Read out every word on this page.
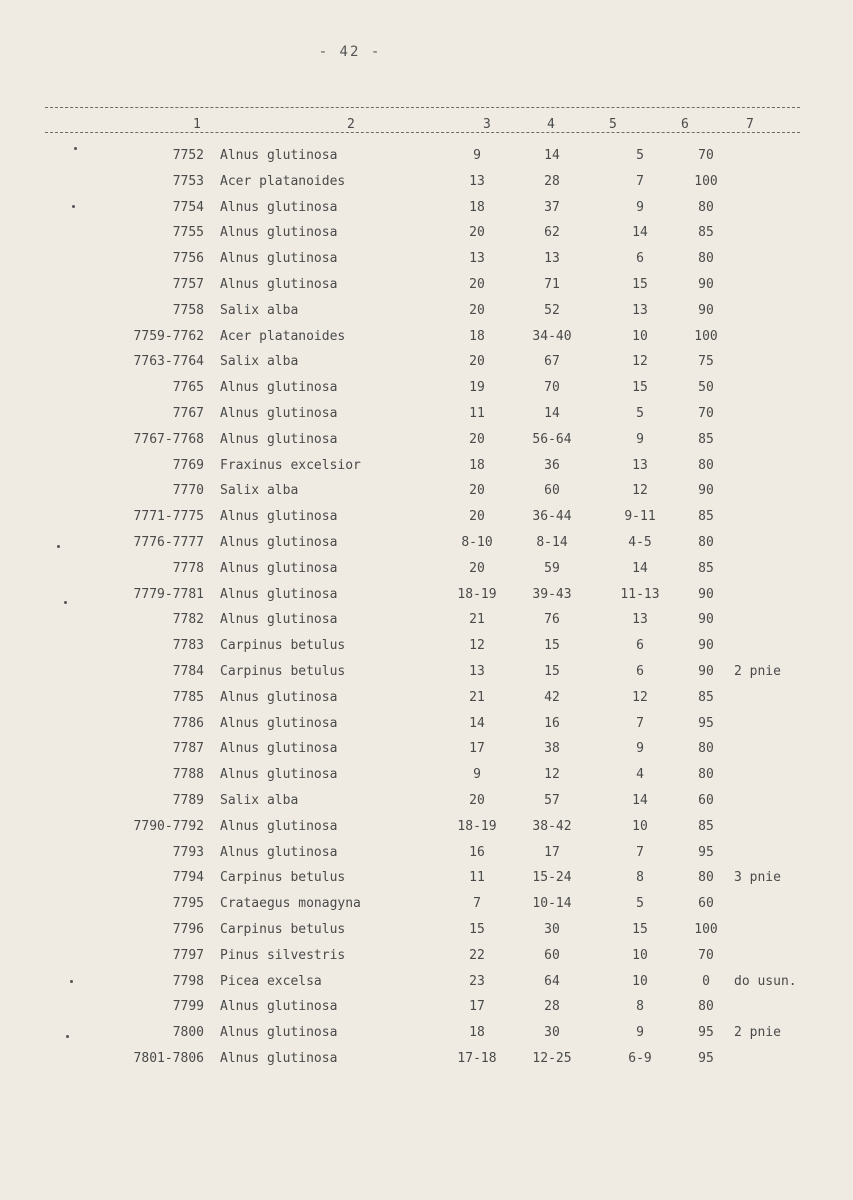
- 42 -
1	2	3	4	5	6	7
7752 Alnus glutinosa	9	14	5	70
7753 Acer platanoides	13	28	7	100
7754 Alnus glutinosa	18	37	9	80
7755 Alnus glutinosa	20	62	14	85
7756 Alnus glutinosa	13	13	6	80
7757 Alnus glutinosa	20	71	15	90
7758 Salix alba	20	52	13	90
7759-7762 Acer platanoides	18	34-40	10	100
7763-7764 Salix alba	20	67	12	75
7765 Alnus glutinosa	19	70	15	50
7767 Alnus glutinosa	11	14	5	70
7767-7768 Alnus glutinosa	20	56-64	9	85
7769 Fraxinus excelsior	18	36	13	80
7770 Salix alba	20	60	12	90
7771-7775 Alnus glutinosa	20	36-44	9-11	85
7776-7777 Alnus glutinosa	8-10	8-14	4-5	80
7778 Alnus glutinosa	20	59	14	85
7779-7781 Alnus glutinosa	18-19	39-43	11-13	90
7782 Alnus glutinosa	21	76	13	90
7783 Carpinus betulus	12	15	6	90
7784 Carpinus betulus	13	15	6	90	2 pnie
7785 Alnus glutinosa	21	42	12	85
7786 Alnus glutinosa	14	16	7	95
7787 Alnus glutinosa	17	38	9	80
7788 Alnus glutinosa	9	12	4	80
7789 Salix alba	20	57	14	60
7790-7792 Alnus glutinosa	18-19	38-42	10	85
7793 Alnus glutinosa	16	17	7	95
7794 Carpinus betulus	11	15-24	8	80	3 pnie
7795 Crataegus monagyna	7	10-14	5	60
7796 Carpinus betulus	15	30	15	100
7797 Pinus silvestris	22	60	10	70
7798 Picea excelsa	23	64	10	0	do usun.
7799 Alnus glutinosa	17	28	8	80
7800 Alnus glutinosa	18	30	9	95	2 pnie
7801-7806 Alnus glutinosa	17-18	12-25	6-9	95
